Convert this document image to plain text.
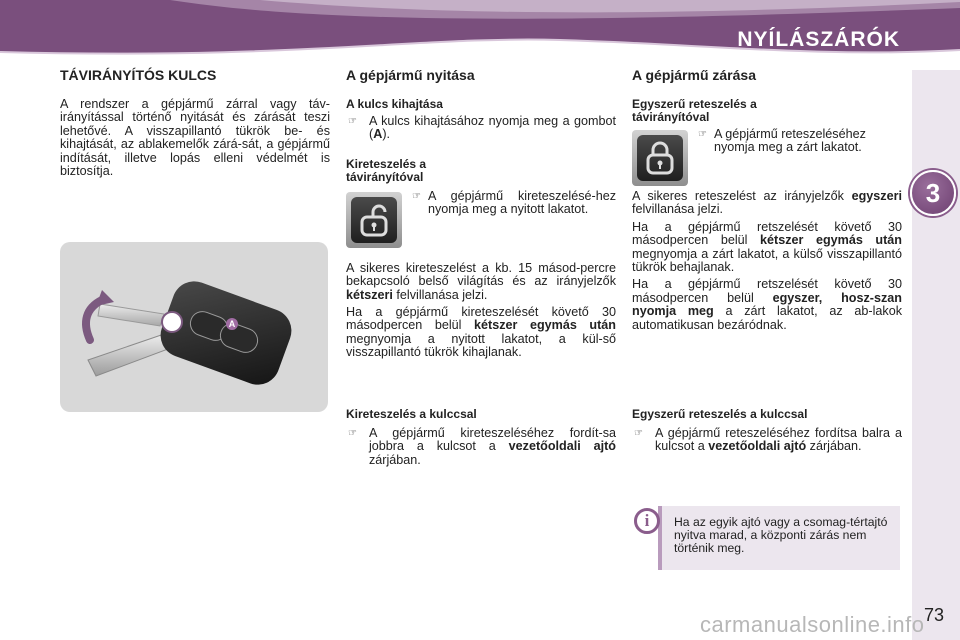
NYÍLÁSZÁRÓK
3
TÁVIRÁNYÍTÓS KULCS

A rendszer a gépjármű zárral vagy táv-irányítással történő nyitását és zárását teszi lehetővé. A visszapillantó tükrök be- és kihajtását, az ablakemelők zárá-sát, a gépjármű indítását, illetve lopás elleni védelmét is biztosítja.

A
A gépjármű nyitása
A kulcs kihajtása
☞ A kulcs kihajtásához nyomja meg a gombot (A).

Kireteszelés a távirányítóval
☞ A gépjármű kireteszelésé-hez nyomja meg a nyitott lakatot.

A sikeres kireteszelést a kb. 15 másod-percre bekapcsoló belső világítás és az irányjelzők kétszeri felvillanása jelzi.

Ha a gépjármű kireteszelését követő 30 másodpercen belül kétszer egymás után megnyomja a nyitott lakatot, a kül-ső visszapillantó tükrök kihajlanak.

Kireteszelés a kulccsal
☞ A gépjármű kireteszeléséhez fordít-sa jobbra a kulcsot a vezetőoldali ajtó zárjában.

A gépjármű zárása
Egyszerű reteszelés a távirányítóval
☞ A gépjármű reteszeléséhez nyomja meg a zárt lakatot.

A sikeres reteszelést az irányjelzők egyszeri felvillanása jelzi.

Ha a gépjármű retszelését követő 30 másodpercen belül kétszer egymás után megnyomja a zárt lakatot, a külső visszapillantó tükrök behajlanak.

Ha a gépjármű retszelését követő 30 másodpercen belül egyszer, hosz-szan nyomja meg a zárt lakatot, az ab-lakok automatikusan bezáródnak.

Egyszerű reteszelés a kulccsal
☞ A gépjármű reteszeléséhez fordítsa balra a kulcsot a vezetőoldali ajtó zárjában.

i	Ha az egyik ajtó vagy a csomag-tértajtó nyitva marad, a központi zárás nem történik meg.
carmanualsonline.info 73
